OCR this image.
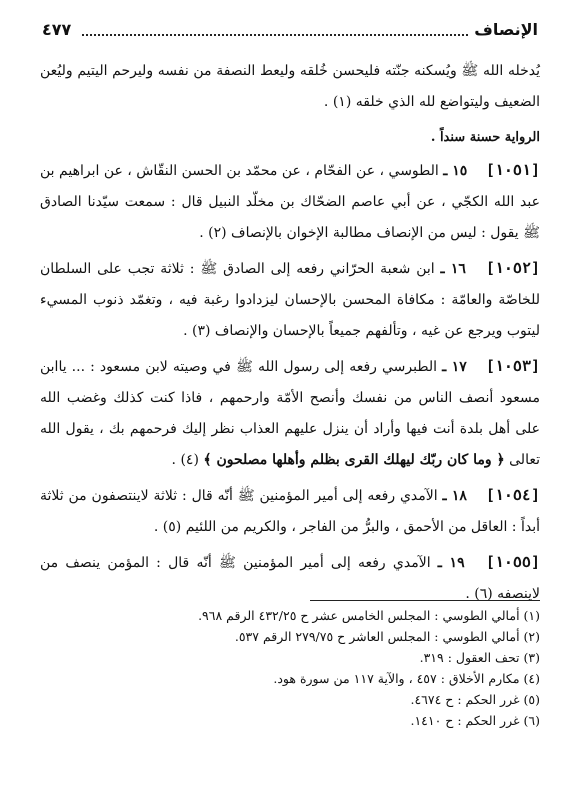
الإنصاف
٤٧٧

يُدخله الله ﷺ ويُسكنه جنّته فليحسن خُلقه وليعط النصفة من نفسه وليرحم اليتيم وليُعن الضعيف وليتواضع لله الذي خلقه (١) .

الرواية حسنة سنداً .

[١٠٥١] ١٥ ـ الطوسي ، عن الفحّام ، عن محمّد بن الحسن النقّاش ، عن ابراهيم بن عبد الله الكجّي ، عن أبي عاصم الضحّاك بن مخلّد النبيل قال : سمعت سيّدنا الصادق ﷺ يقول : ليس من الإنصاف مطالبة الإخوان بالإنصاف (٢) .

[١٠٥٢] ١٦ ـ ابن شعبة الحرّاني رفعه إلى الصادق ﷺ : ثلاثة تجب على السلطان للخاصّة والعامّة : مكافاة المحسن بالإحسان ليزدادوا رغبة فيه ، وتغمّد ذنوب المسيء ليتوب ويرجع عن غيه ، وتألفهم جميعاً بالإحسان والإنصاف (٣) .

[١٠٥٣] ١٧ ـ الطبرسي رفعه إلى رسول الله ﷺ في وصيته لابن مسعود : ... ياابن مسعود أنصف الناس من نفسك وأنصح الأمّة وارحمهم ، فاذا كنت كذلك وغضب الله على أهل بلدة أنت فيها وأراد أن ينزل عليهم العذاب نظر إليك فرحمهم بك ، يقول الله تعالى ﴿ وما كان ربّك ليهلك القرى بظلم وأهلها مصلحون ﴾ (٤) .

[١٠٥٤] ١٨ ـ الآمدي رفعه إلى أمير المؤمنين ﷺ أنّه قال : ثلاثة لاينتصفون من ثلاثة أبداً : العاقل من الأحمق ، والبرُّ من الفاجر ، والكريم من اللئيم (٥) .

[١٠٥٥] ١٩ ـ الآمدي رفعه إلى أمير المؤمنين ﷺ أنّه قال : المؤمن ينصف من لاينصفه (٦) .

(١) أمالي الطوسي : المجلس الخامس عشر ح ٤٣٢/٢٥ الرقم ٩٦٨.

(٢) أمالي الطوسي : المجلس العاشر ح ٢٧٩/٧٥ الرقم ٥٣٧.

(٣) تحف العقول : ٣١٩.

(٤) مكارم الأخلاق : ٤٥٧ ، والآية ١١٧ من سورة هود.

(٥) غرر الحكم : ح ٤٦٧٤.

(٦) غرر الحكم : ح ١٤١٠.
